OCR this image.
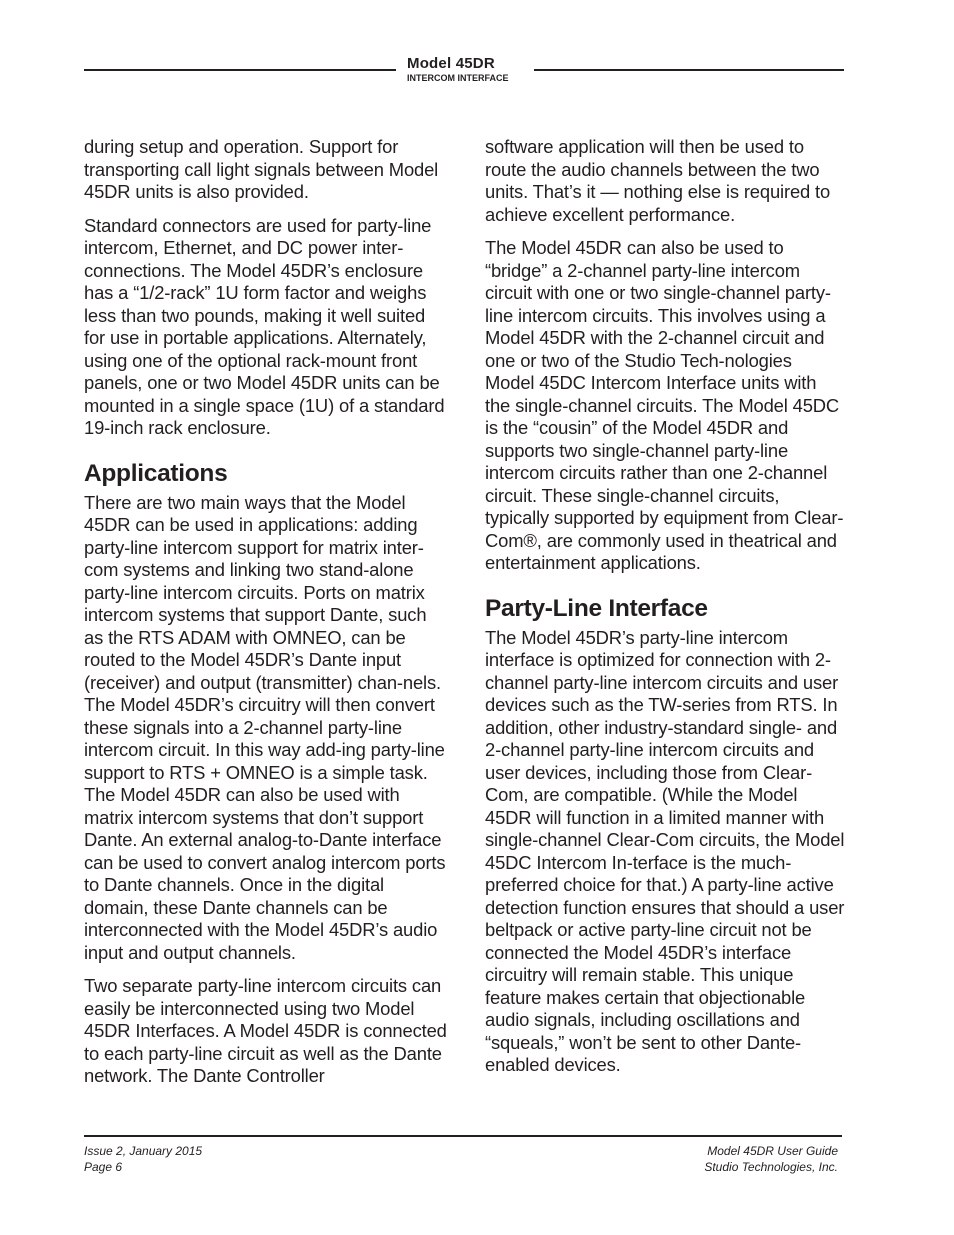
Model 45DR
INTERCOM INTERFACE

during setup and operation. Support for transporting call light signals between Model 45DR units is also provided.

Standard connectors are used for party-line intercom, Ethernet, and DC power inter-connections. The Model 45DR’s enclosure has a “1/2-rack” 1U form factor and weighs less than two pounds, making it well suited for use in portable applications. Alternately, using one of the optional rack-mount front panels, one or two Model 45DR units can be mounted in a single space (1U) of a standard 19-inch rack enclosure.

Applications

There are two main ways that the Model 45DR can be used in applications: adding party-line intercom support for matrix inter-com systems and linking two stand-alone party-line intercom circuits. Ports on matrix intercom systems that support Dante, such as the RTS ADAM with OMNEO, can be routed to the Model 45DR’s Dante input (receiver) and output (transmitter) chan-nels. The Model 45DR’s circuitry will then convert these signals into a 2-channel party-line intercom circuit. In this way add-ing party-line support to RTS + OMNEO is a simple task. The Model 45DR can also be used with matrix intercom systems that don’t support Dante. An external analog-to-Dante interface can be used to convert analog intercom ports to Dante channels. Once in the digital domain, these Dante channels can be interconnected with the Model 45DR’s audio input and output channels.

Two separate party-line intercom circuits can easily be interconnected using two Model 45DR Interfaces. A Model 45DR is connected to each party-line circuit as well as the Dante network. The Dante Controller

software application will then be used to route the audio channels between the two units. That’s it — nothing else is required to achieve excellent performance.

The Model 45DR can also be used to “bridge” a 2-channel party-line intercom circuit with one or two single-channel party-line intercom circuits. This involves using a Model 45DR with the 2-channel circuit and one or two of the Studio Tech-nologies Model 45DC Intercom Interface units with the single-channel circuits. The Model 45DC is the “cousin” of the Model 45DR and supports two single-channel party-line intercom circuits rather than one 2-channel circuit. These single-channel circuits, typically supported by equipment from Clear-Com®, are commonly used in theatrical and entertainment applications.

Party-Line Interface

The Model 45DR’s party-line intercom interface is optimized for connection with 2-channel party-line intercom circuits and user devices such as the TW-series from RTS. In addition, other industry-standard single- and 2-channel party-line intercom circuits and user devices, including those from Clear-Com, are compatible. (While the Model 45DR will function in a limited manner with single-channel Clear-Com circuits, the Model 45DC Intercom In-terface is the much-preferred choice for that.) A party-line active detection function ensures that should a user beltpack or active party-line circuit not be connected the Model 45DR’s interface circuitry will remain stable. This unique feature makes certain that objectionable audio signals, including oscillations and “squeals,” won’t be sent to other Dante-enabled devices.

Issue 2, January 2015
Page 6
Model 45DR User Guide
Studio Technologies, Inc.
